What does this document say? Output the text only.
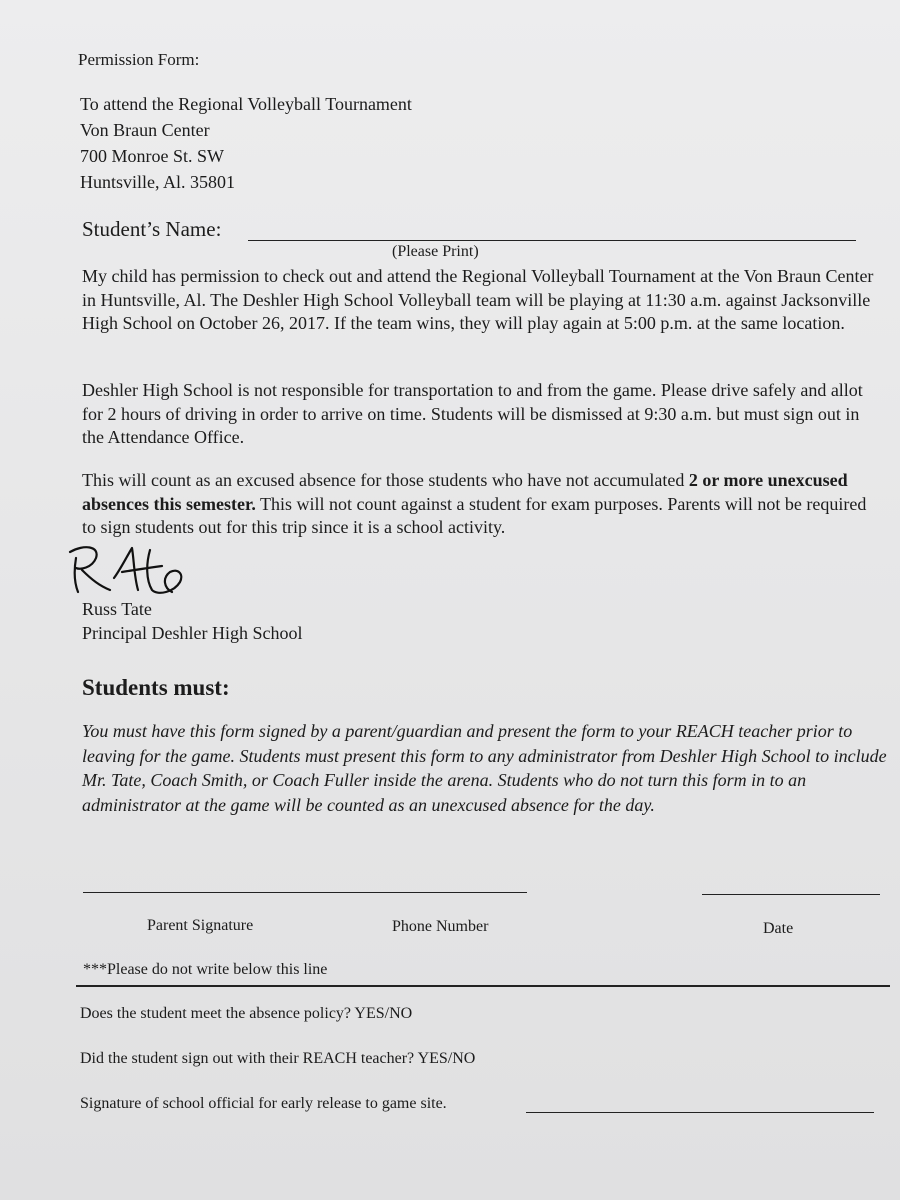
Permission Form:
To attend the Regional Volleyball Tournament
Von Braun Center
700 Monroe St. SW
Huntsville, Al. 35801
Student’s Name:
(Please Print)
My child has permission to check out and attend the Regional Volleyball Tournament at the Von Braun Center in Huntsville, Al. The Deshler High School Volleyball team will be playing at 11:30 a.m. against Jacksonville High School on October 26, 2017. If the team wins, they will play again at 5:00 p.m. at the same location.
Deshler High School is not responsible for transportation to and from the game. Please drive safely and allot for 2 hours of driving in order to arrive on time. Students will be dismissed at 9:30 a.m. but must sign out in the Attendance Office.
This will count as an excused absence for those students who have not accumulated 2 or more unexcused absences this semester. This will not count against a student for exam purposes. Parents will not be required to sign students out for this trip since it is a school activity.
Russ Tate
Principal Deshler High School
Students must:
You must have this form signed by a parent/guardian and present the form to your REACH teacher prior to leaving for the game. Students must present this form to any administrator from Deshler High School to include Mr. Tate, Coach Smith, or Coach Fuller inside the arena. Students who do not turn this form in to an administrator at the game will be counted as an unexcused absence for the day.
Parent Signature	Phone Number	Date
***Please do not write below this line
Does the student meet the absence policy? YES/NO
Did the student sign out with their REACH teacher? YES/NO
Signature of school official for early release to game site.
